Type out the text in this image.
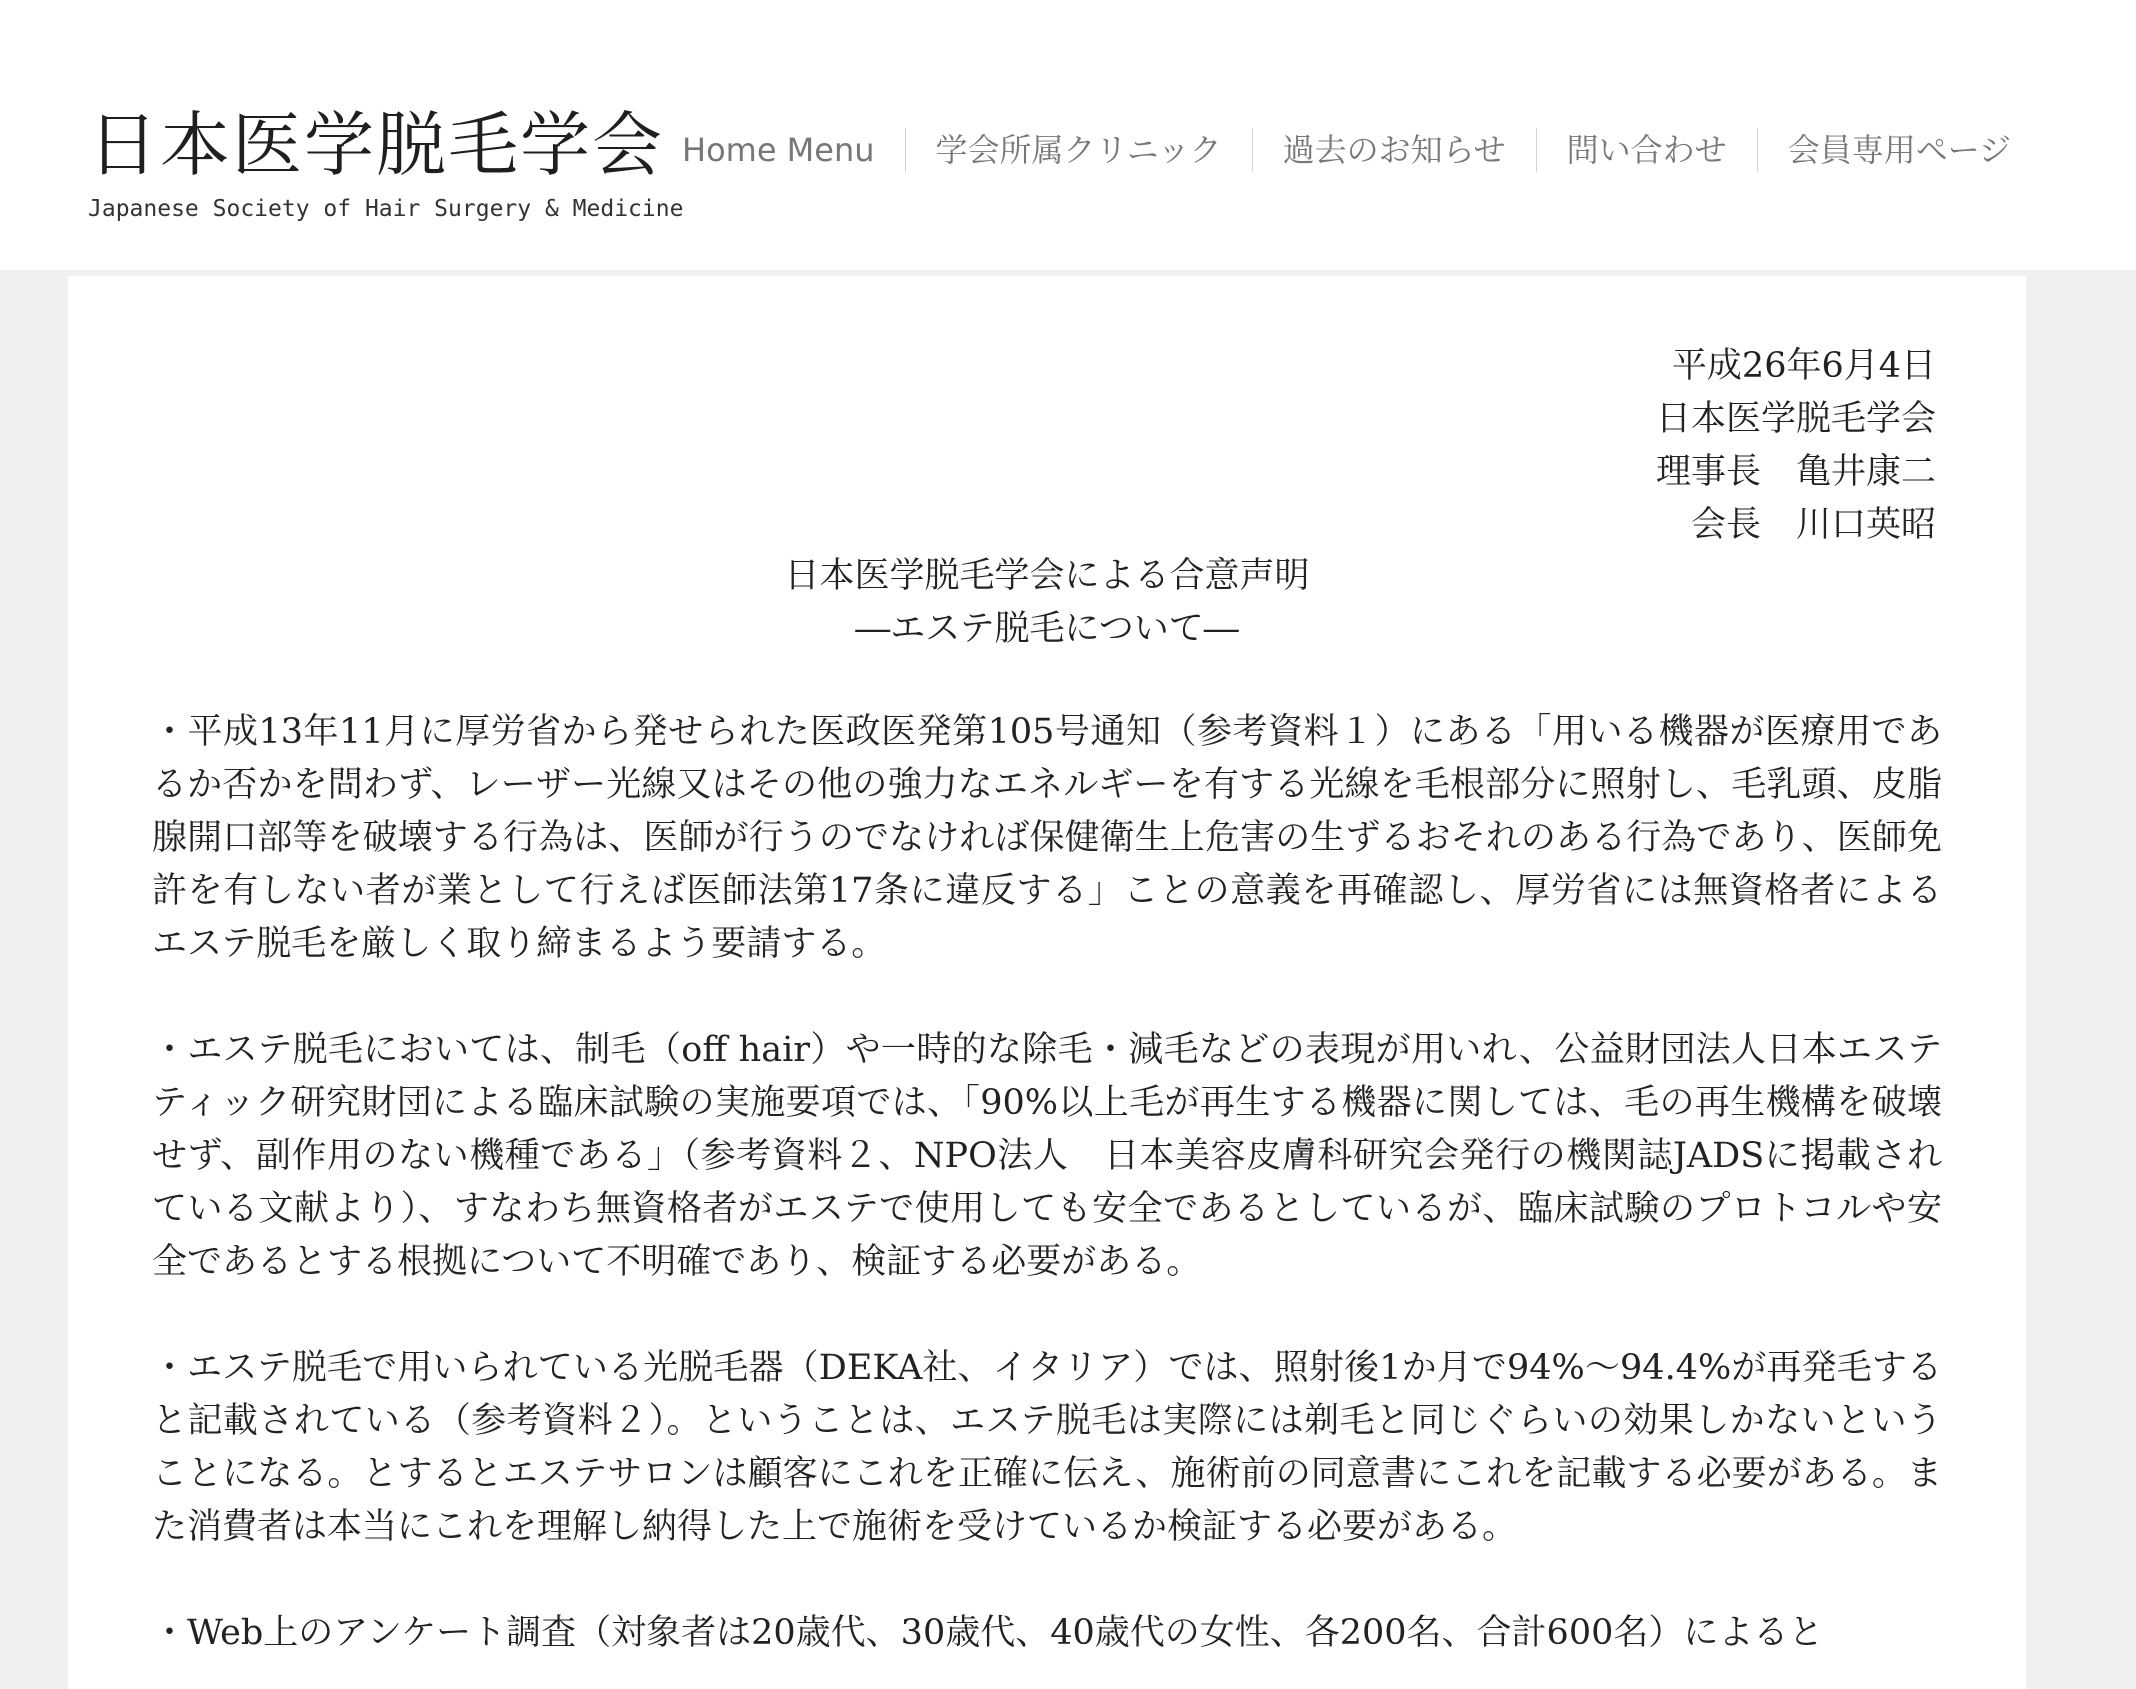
日本医学脱毛学会
Japanese Society of Hair Surgery & Medicine
Home Menu	学会所属クリニック	過去のお知らせ	問い合わせ	会員専用ページ
平成26年6月4日
日本医学脱毛学会
理事長　亀井康二
会長　川口英昭
日本医学脱毛学会による合意声明
―エステ脱毛について―

・平成13年11月に厚労省から発せられた医政医発第105号通知（参考資料１）にある「用いる機器が医療用であるか否かを問わず、レーザー光線又はその他の強力なエネルギーを有する光線を毛根部分に照射し、毛乳頭、皮脂腺開口部等を破壊する行為は、医師が行うのでなければ保健衛生上危害の生ずるおそれのある行為であり、医師免許を有しない者が業として行えば医師法第17条に違反する」ことの意義を再確認し、厚労省には無資格者によるエステ脱毛を厳しく取り締まるよう要請する。

・エステ脱毛においては、制毛（off hair）や一時的な除毛・減毛などの表現が用いれ、公益財団法人日本エステティック研究財団による臨床試験の実施要項では、「90%以上毛が再生する機器に関しては、毛の再生機構を破壊せず、副作用のない機種である」（参考資料２、NPO法人　日本美容皮膚科研究会発行の機関誌JADSに掲載されている文献より）、すなわち無資格者がエステで使用しても安全であるとしているが、臨床試験のプロトコルや安全であるとする根拠について不明確であり、検証する必要がある。

・エステ脱毛で用いられている光脱毛器（DEKA社、イタリア）では、照射後1か月で94%～94.4%が再発毛すると記載されている（参考資料２）。ということは、エステ脱毛は実際には剃毛と同じぐらいの効果しかないということになる。とするとエステサロンは顧客にこれを正確に伝え、施術前の同意書にこれを記載する必要がある。また消費者は本当にこれを理解し納得した上で施術を受けているか検証する必要がある。

・Web上のアンケート調査（対象者は20歳代、30歳代、40歳代の女性、各200名、合計600名）によると
